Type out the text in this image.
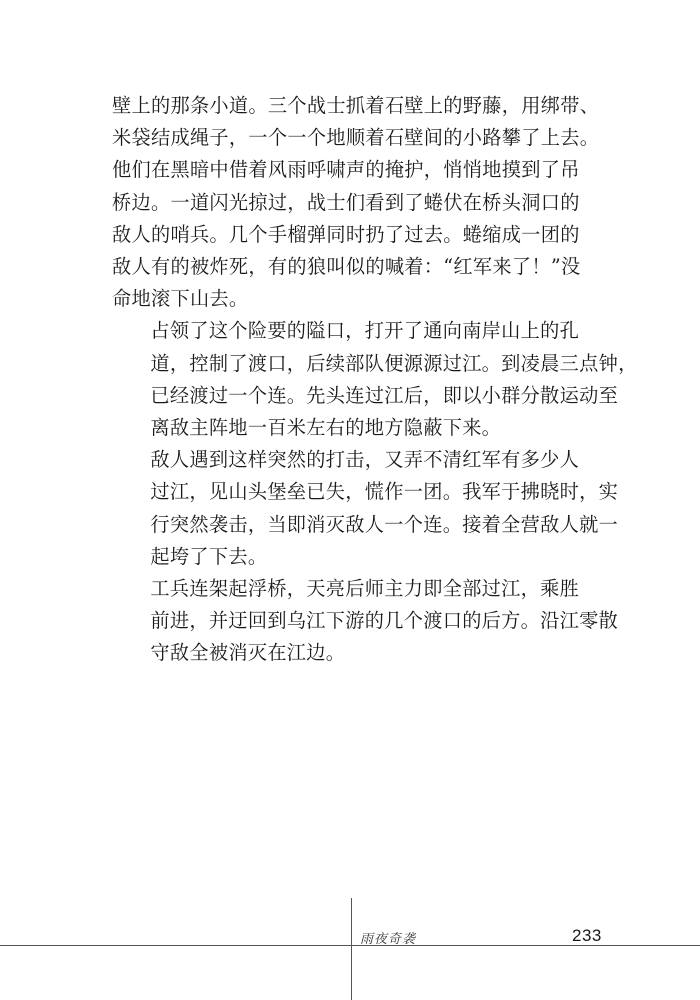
壁上的那条小道。三个战士抓着石壁上的野藤，用绑带、
米袋结成绳子，一个一个地顺着石壁间的小路攀了上去。
他们在黑暗中借着风雨呼啸声的掩护，悄悄地摸到了吊
桥边。一道闪光掠过，战士们看到了蜷伏在桥头洞口的
敌人的哨兵。几个手榴弹同时扔了过去。蜷缩成一团的
敌人有的被炸死，有的狼叫似的喊着：“红军来了！”没
命地滚下山去。
占领了这个险要的隘口，打开了通向南岸山上的孔
道，控制了渡口，后续部队便源源过江。到凌晨三点钟，
已经渡过一个连。先头连过江后，即以小群分散运动至
离敌主阵地一百米左右的地方隐蔽下来。
敌人遇到这样突然的打击，又弄不清红军有多少人
过江，见山头堡垒已失，慌作一团。我军于拂晓时，实
行突然袭击，当即消灭敌人一个连。接着全营敌人就一
起垮了下去。
工兵连架起浮桥，天亮后师主力即全部过江，乘胜
前进，并迂回到乌江下游的几个渡口的后方。沿江零散
守敌全被消灭在江边。
雨夜奇袭	233
